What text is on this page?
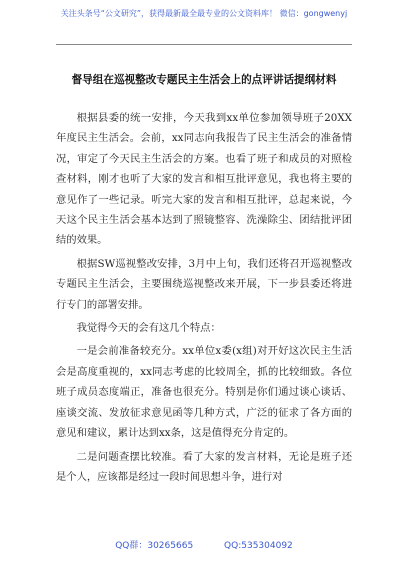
关注头条号“公文研究”，获得最新最全最专业的公文资料库！ 微信：gongwenyj
督导组在巡视整改专题民主生活会上的点评讲话提纲材料

根据县委的统一安排，今天我到xx单位参加领导班子20XX年度民主生活会。会前，xx同志向我报告了民主生活会的准备情况，审定了今天民主生活会的方案。也看了班子和成员的对照检查材料，刚才也听了大家的发言和相互批评意见，我也将主要的意见作了一些记录。听完大家的发言和相互批评，总起来说，今天这个民主生活会基本达到了照镜整容、洗澡除尘、团结批评团结的效果。

根据SW巡视整改安排，3月中上旬，我们还将召开巡视整改专题民主生活会，主要围绕巡视整改来开展，下一步县委还将进行专门的部署安排。

我觉得今天的会有这几个特点：

一是会前准备较充分。xx单位x委(x组)对开好这次民主生活会是高度重视的，xx同志考虑的比较周全，抓的比较细致。各位班子成员态度端正，准备也很充分。特别是你们通过谈心谈话、座谈交流、发放征求意见函等几种方式，广泛的征求了各方面的意见和建议，累计达到xx条，这是值得充分肯定的。

二是问题查摆比较准。看了大家的发言材料，无论是班子还是个人，应该都是经过一段时间思想斗争，进行对

QQ群：30265665	QQ:535304092
